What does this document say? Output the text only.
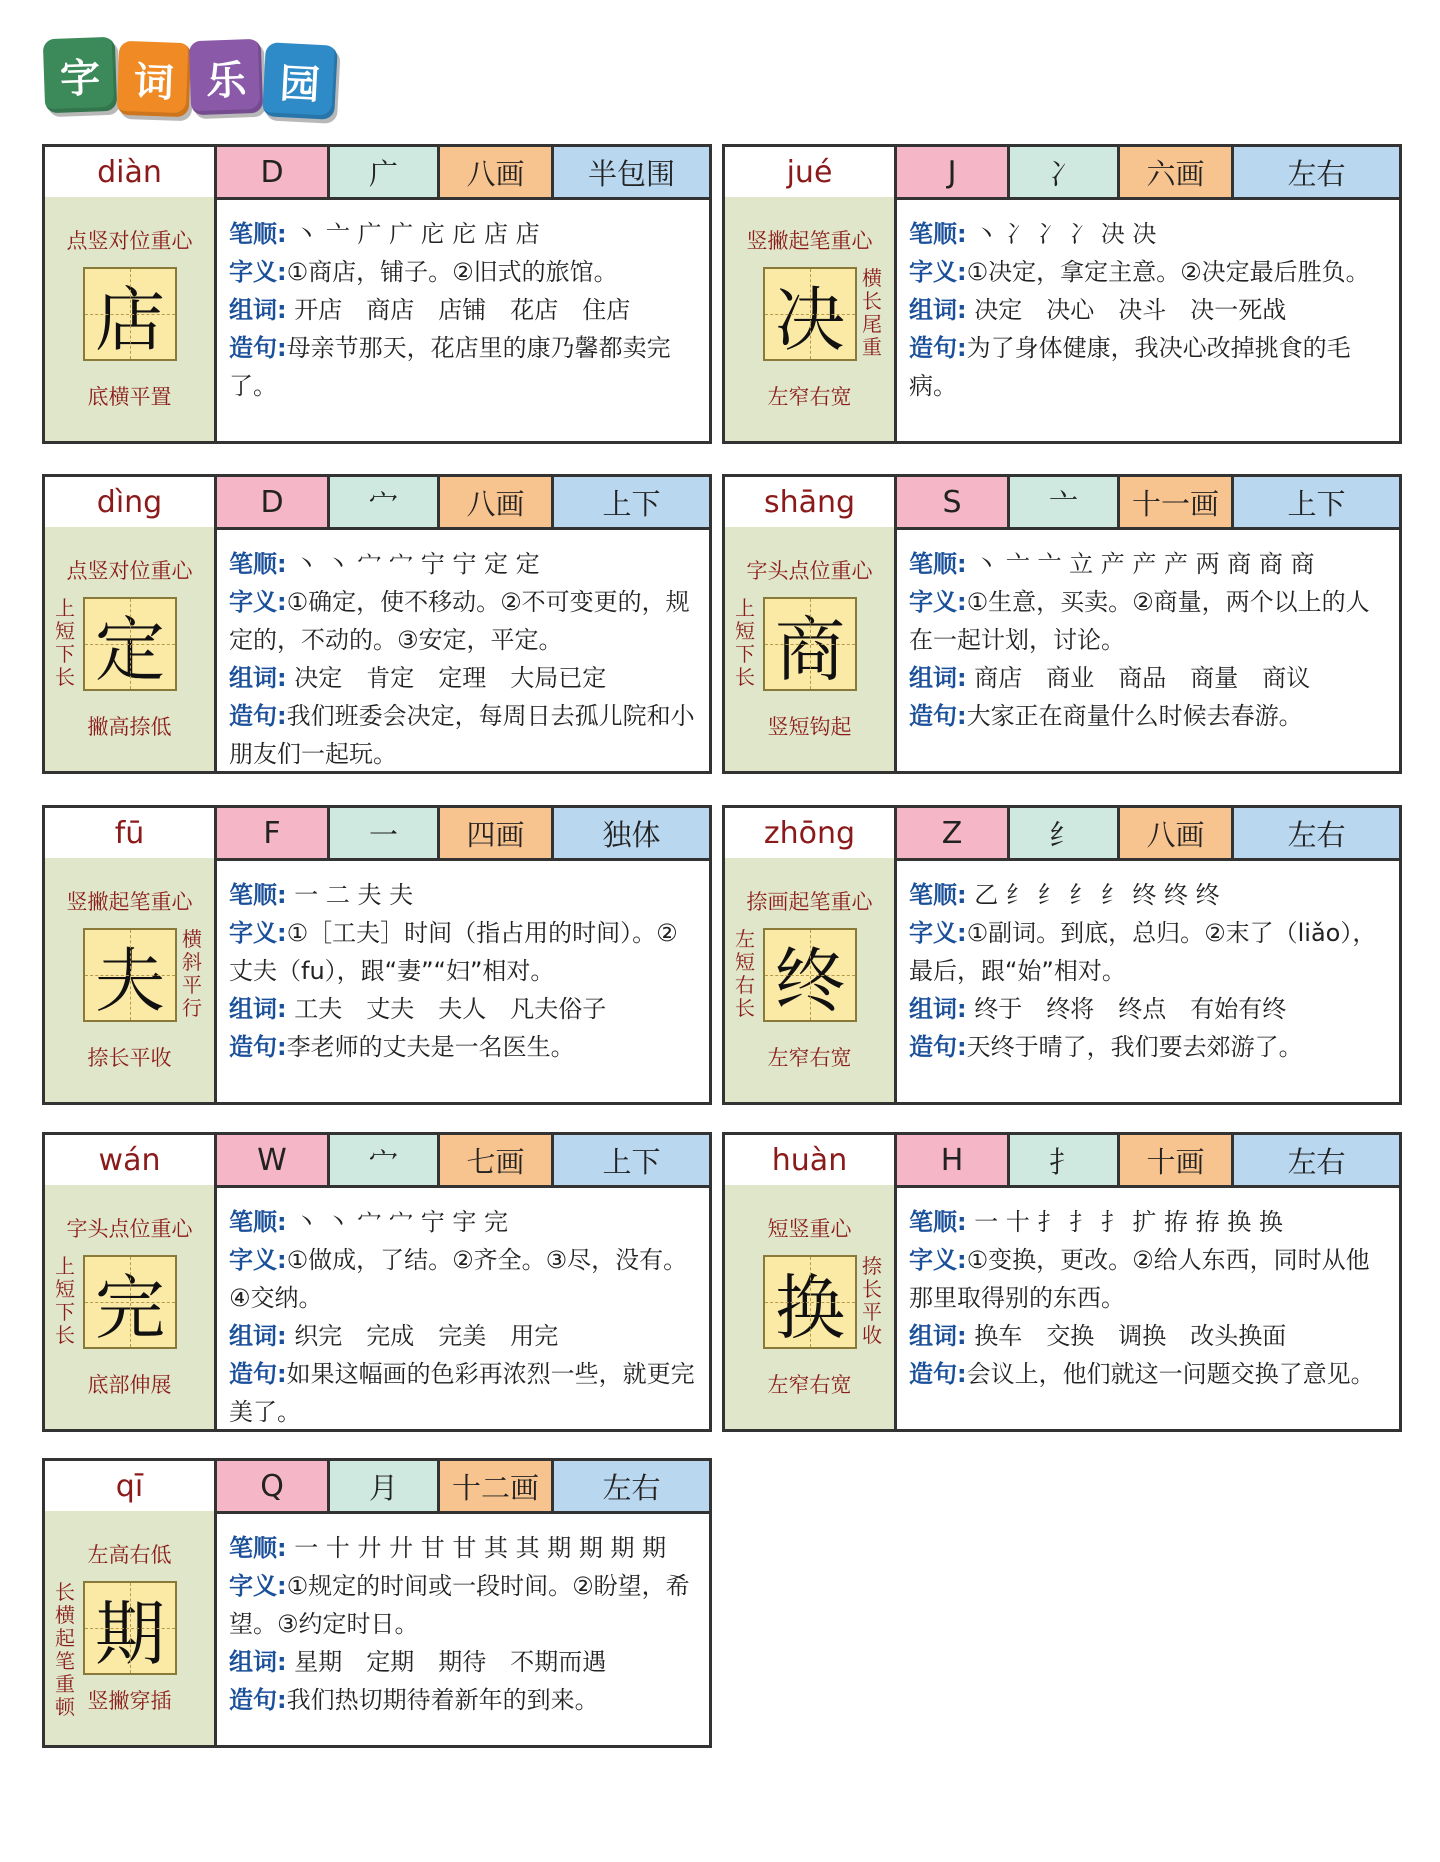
字 词 乐 园
diàn	D	广	八画	半包围
点竖对位重心
店
底横平置
笔顺: 丶 亠 广 广 庀 庀 店 店
字义:①商店，铺子。②旧式的旅馆。
组词: 开店　商店　店铺　花店　住店
造句:母亲节那天，花店里的康乃馨都卖完了。
jué	J	冫	六画	左右
竖撇起笔重心
决
横长尾重
左窄右宽
笔顺: 丶 冫 冫 冫 决 决
字义:①决定，拿定主意。②决定最后胜负。
组词: 决定　决心　决斗　决一死战
造句:为了身体健康，我决心改掉挑食的毛病。
dìng	D	宀	八画	上下
点竖对位重心
上短下长 定
撇高捺低
笔顺: 丶 丶 宀 宀 宁 宁 定 定
字义:①确定，使不移动。②不可变更的，规定的，不动的。③安定，平定。
组词: 决定　肯定　定理　大局已定
造句:我们班委会决定，每周日去孤儿院和小朋友们一起玩。
shāng	S	亠	十一画	上下
字头点位重心
上短下长 商
竖短钩起
笔顺: 丶 亠 亠 立 产 产 产 两 商 商 商
字义:①生意，买卖。②商量，两个以上的人在一起计划，讨论。
组词: 商店　商业　商品　商量　商议
造句:大家正在商量什么时候去春游。
fū	F	一	四画	独体
竖撇起笔重心
夫
横斜平行
捺长平收
笔顺: 一 二 夫 夫
字义:①［工夫］时间（指占用的时间）。②丈夫（fu），跟“妻”“妇”相对。
组词: 工夫　丈夫　夫人　凡夫俗子
造句:李老师的丈夫是一名医生。
zhōng	Z	纟	八画	左右
捺画起笔重心
左短右长 终
左窄右宽
笔顺: 乙 纟 纟 纟 纟 终 终 终
字义:①副词。到底，总归。②末了（liǎo），最后，跟“始”相对。
组词: 终于　终将　终点　有始有终
造句:天终于晴了，我们要去郊游了。
wán	W	宀	七画	上下
字头点位重心
上短下长 完
底部伸展
笔顺: 丶 丶 宀 宀 宁 宇 完
字义:①做成，了结。②齐全。③尽，没有。④交纳。
组词: 织完　完成　完美　用完
造句:如果这幅画的色彩再浓烈一些，就更完美了。
huàn	H	扌	十画	左右
短竖重心
换
捺长平收
左窄右宽
笔顺: 一 十 扌 扌 扌 扩 拵 拵 换 换
字义:①变换，更改。②给人东西，同时从他那里取得别的东西。
组词: 换车　交换　调换　改头换面
造句:会议上，他们就这一问题交换了意见。
qī	Q	月	十二画	左右
左高右低
长横起笔重顿
期
竖撇穿插
笔顺: 一 十 廾 廾 甘 甘 其 其 期 期 期 期
字义:①规定的时间或一段时间。②盼望，希望。③约定时日。
组词: 星期　定期　期待　不期而遇
造句:我们热切期待着新年的到来。
